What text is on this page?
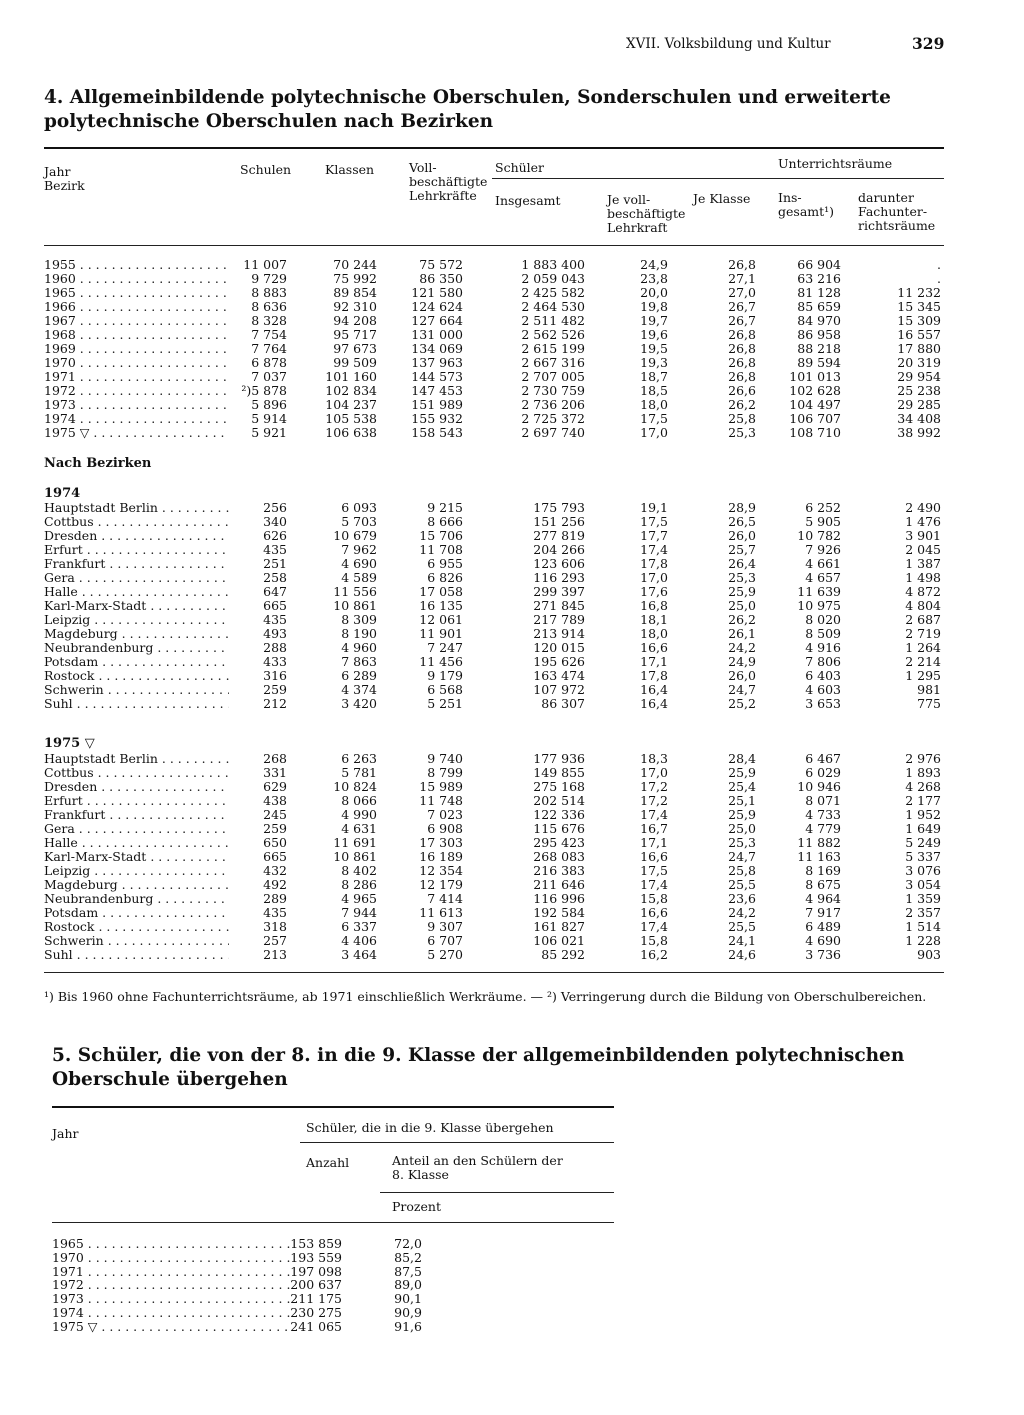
XVII. Volksbildung und Kultur	329
4. Allgemeinbildende polytechnische Oberschulen, Sonderschulen und erweiterte polytechnische Oberschulen nach Bezirken
Jahr
Bezirk
Schulen	Klassen	Voll-
beschäftigte
Lehrkräfte
Schüler
Insgesamt	Je voll-
beschäftigte
Lehrkraft
Je Klasse
Unterrichtsräume
Ins-
gesamt¹)
darunter
Fachunter-
richtsräume
1955 . . .	11 007	70 244	75 572	1 883 400	24,9	26,8	66 904	.
1960 . . .	9 729	75 992	86 350	2 059 043	23,8	27,1	63 216	.
1965 . . .	8 883	89 854	121 580	2 425 582	20,0	27,0	81 128	11 232
1966 . . .	8 636	92 310	124 624	2 464 530	19,8	26,7	85 659	15 345
1967 . . .	8 328	94 208	127 664	2 511 482	19,7	26,7	84 970	15 309
1968 . . .	7 754	95 717	131 000	2 562 526	19,6	26,8	86 958	16 557
1969 . . .	7 764	97 673	134 069	2 615 199	19,5	26,8	88 218	17 880
1970 . . .	6 878	99 509	137 963	2 667 316	19,3	26,8	89 594	20 319
1971 . . .	7 037	101 160	144 573	2 707 005	18,7	26,8	101 013	29 954
1972 . . .	²)5 878	102 834	147 453	2 730 759	18,5	26,6	102 628	25 238
1973 . . .	5 896	104 237	151 989	2 736 206	18,0	26,2	104 497	29 285
1974 . . .	5 914	105 538	155 932	2 725 372	17,5	25,8	106 707	34 408
1975 ▽ . . .	5 921	106 638	158 543	2 697 740	17,0	25,3	108 710	38 992
Nach Bezirken
1974
Hauptstadt Berlin . . .	256	6 093	9 215	175 793	19,1	28,9	6 252	2 490
Cottbus . . .	340	5 703	8 666	151 256	17,5	26,5	5 905	1 476
Dresden . . .	626	10 679	15 706	277 819	17,7	26,0	10 782	3 901
Erfurt . . .	435	7 962	11 708	204 266	17,4	25,7	7 926	2 045
Frankfurt . . .	251	4 690	6 955	123 606	17,8	26,4	4 661	1 387
Gera . . .	258	4 589	6 826	116 293	17,0	25,3	4 657	1 498
Halle . . .	647	11 556	17 058	299 397	17,6	25,9	11 639	4 872
Karl-Marx-Stadt . . .	665	10 861	16 135	271 845	16,8	25,0	10 975	4 804
Leipzig . . .	435	8 309	12 061	217 789	18,1	26,2	8 020	2 687
Magdeburg . . .	493	8 190	11 901	213 914	18,0	26,1	8 509	2 719
Neubrandenburg . . .	288	4 960	7 247	120 015	16,6	24,2	4 916	1 264
Potsdam . . .	433	7 863	11 456	195 626	17,1	24,9	7 806	2 214
Rostock . . .	316	6 289	9 179	163 474	17,8	26,0	6 403	1 295
Schwerin . . .	259	4 374	6 568	107 972	16,4	24,7	4 603	981
Suhl . . .	212	3 420	5 251	86 307	16,4	25,2	3 653	775
1975 ▽
Hauptstadt Berlin . . .	268	6 263	9 740	177 936	18,3	28,4	6 467	2 976
Cottbus . . .	331	5 781	8 799	149 855	17,0	25,9	6 029	1 893
Dresden . . .	629	10 824	15 989	275 168	17,2	25,4	10 946	4 268
Erfurt . . .	438	8 066	11 748	202 514	17,2	25,1	8 071	2 177
Frankfurt . . .	245	4 990	7 023	122 336	17,4	25,9	4 733	1 952
Gera . . .	259	4 631	6 908	115 676	16,7	25,0	4 779	1 649
Halle . . .	650	11 691	17 303	295 423	17,1	25,3	11 882	5 249
Karl-Marx-Stadt . . .	665	10 861	16 189	268 083	16,6	24,7	11 163	5 337
Leipzig . . .	432	8 402	12 354	216 383	17,5	25,8	8 169	3 076
Magdeburg . . .	492	8 286	12 179	211 646	17,4	25,5	8 675	3 054
Neubrandenburg . . .	289	4 965	7 414	116 996	15,8	23,6	4 964	1 359
Potsdam . . .	435	7 944	11 613	192 584	16,6	24,2	7 917	2 357
Rostock . . .	318	6 337	9 307	161 827	17,4	25,5	6 489	1 514
Schwerin . . .	257	4 406	6 707	106 021	15,8	24,1	4 690	1 228
Suhl . . .	213	3 464	5 270	85 292	16,2	24,6	3 736	903
¹) Bis 1960 ohne Fachunterrichtsräume, ab 1971 einschließlich Werkräume. — ²) Verringerung durch die Bildung von Oberschulbereichen.
5. Schüler, die von der 8. in die 9. Klasse der allgemeinbildenden polytechnischen Oberschule übergehen
Jahr	Schüler, die in die 9. Klasse übergehen
Anzahl	Anteil an den Schülern der
8. Klasse
Prozent
1965 . . .	153 859	72,0
1970 . . .	193 559	85,2
1971 . . .	197 098	87,5
1972 . . .	200 637	89,0
1973 . . .	211 175	90,1
1974 . . .	230 275	90,9
1975 ▽ . . .	241 065	91,6
